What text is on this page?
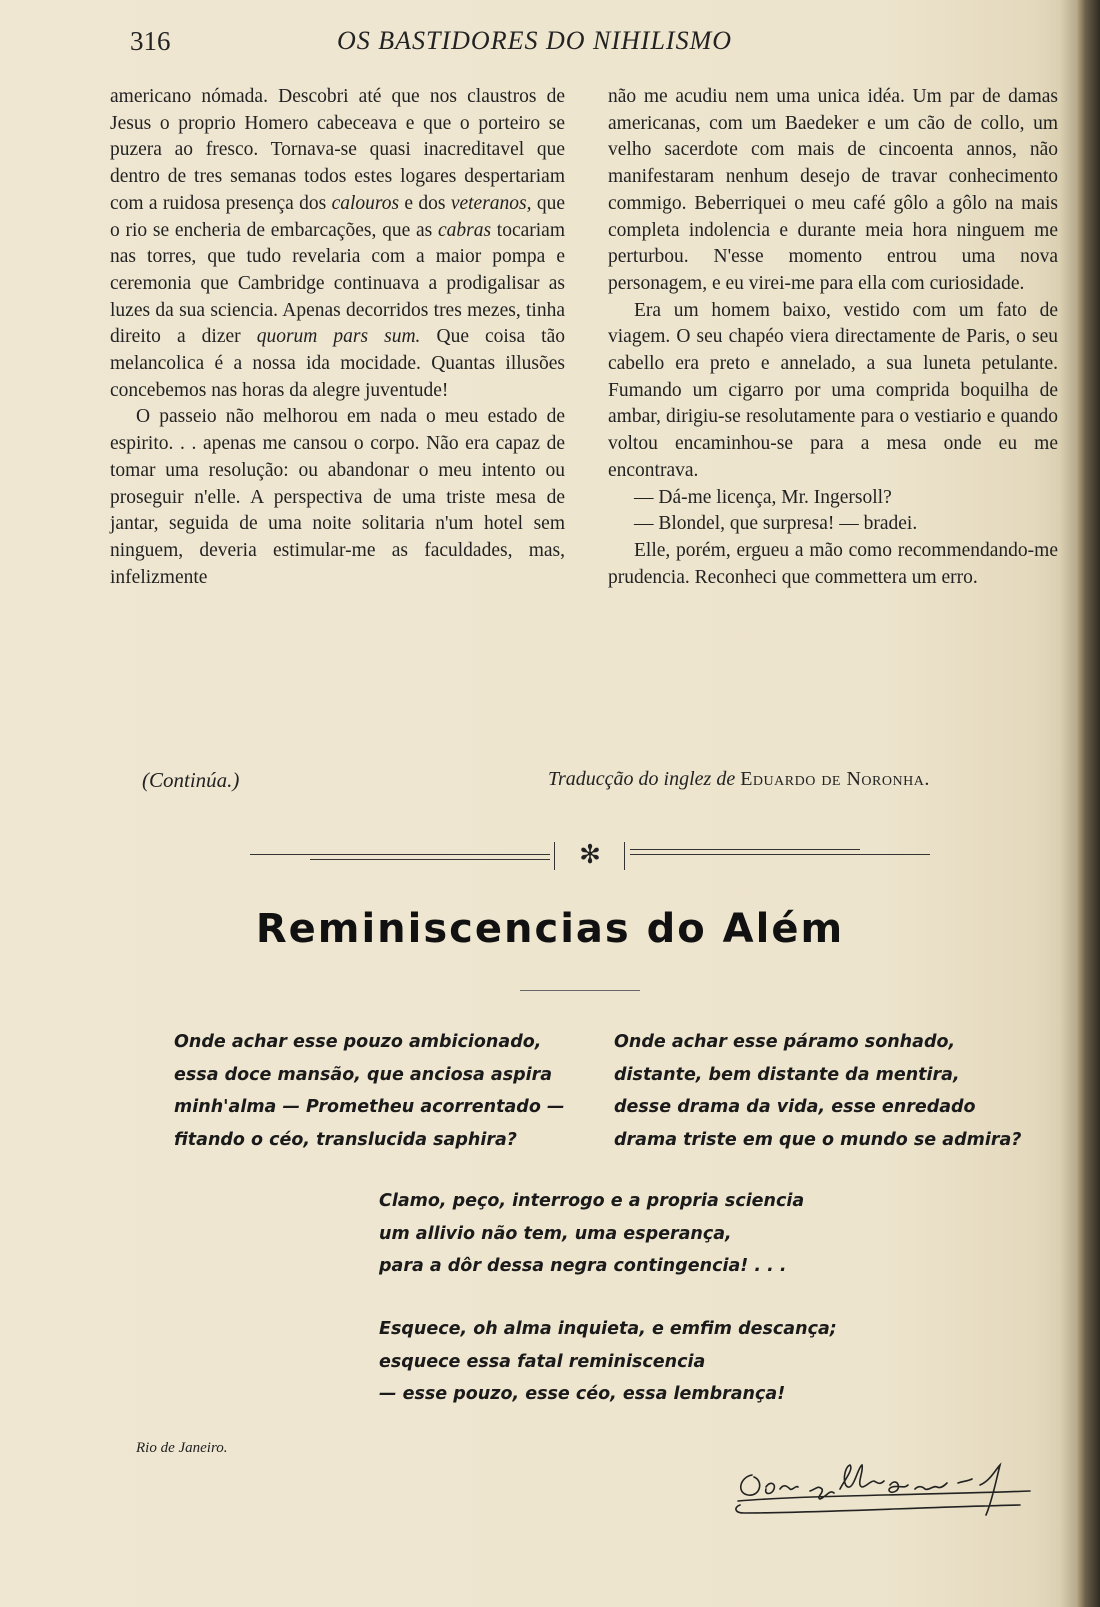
316	OS BASTIDORES DO NIHILISMO

americano nómada. Descobri até que nos claustros de Jesus o proprio Homero cabeceava e que o porteiro se puzera ao fresco. Tornava-se quasi inacreditavel que dentro de tres semanas todos estes logares despertariam com a ruidosa presença dos calouros e dos veteranos, que o rio se encheria de embarcações, que as cabras tocariam nas torres, que tudo revelaria com a maior pompa e ceremonia que Cambridge continuava a prodigalisar as luzes da sua sciencia. Apenas decorridos tres mezes, tinha direito a dizer quorum pars sum. Que coisa tão melancolica é a nossa ida mocidade. Quantas illusões concebemos nas horas da alegre juventude!

O passeio não melhorou em nada o meu estado de espirito. . . apenas me cansou o corpo. Não era capaz de tomar uma resolução: ou abandonar o meu intento ou proseguir n'elle. A perspectiva de uma triste mesa de jantar, seguida de uma noite solitaria n'um hotel sem ninguem, deveria estimular-me as faculdades, mas, infelizmente

não me acudiu nem uma unica idéa. Um par de damas americanas, com um Baedeker e um cão de collo, um velho sacerdote com mais de cincoenta annos, não manifestaram nenhum desejo de travar conhecimento commigo. Beberriquei o meu café gôlo a gôlo na mais completa indolencia e durante meia hora ninguem me perturbou. N'esse momento entrou uma nova personagem, e eu virei-me para ella com curiosidade.

Era um homem baixo, vestido com um fato de viagem. O seu chapéo viera directamente de Paris, o seu cabello era preto e annelado, a sua luneta petulante. Fumando um cigarro por uma comprida boquilha de ambar, dirigiu-se resolutamente para o vestiario e quando voltou encaminhou-se para a mesa onde eu me encontrava.

— Dá-me licença, Mr. Ingersoll?

— Blondel, que surpresa! — bradei.

Elle, porém, ergueu a mão como recommendando-me prudencia. Reconheci que commettera um erro.

(Continúa.)	Traducção do inglez de Eduardo de Noronha.
✻
Reminiscencias do Além
Onde achar esse pouzo ambicionado,
essa doce mansão, que anciosa aspira
minh'alma — Prometheu acorrentado —
fitando o céo, translucida saphira?
Onde achar esse páramo sonhado,
distante, bem distante da mentira,
desse drama da vida, esse enredado
drama triste em que o mundo se admira?
Clamo, peço, interrogo e a propria sciencia
um allivio não tem, uma esperança,
para a dôr dessa negra contingencia! . . .
Esquece, oh alma inquieta, e emfim descança;
esquece essa fatal reminiscencia
— esse pouzo, esse céo, essa lembrança!
Rio de Janeiro.
